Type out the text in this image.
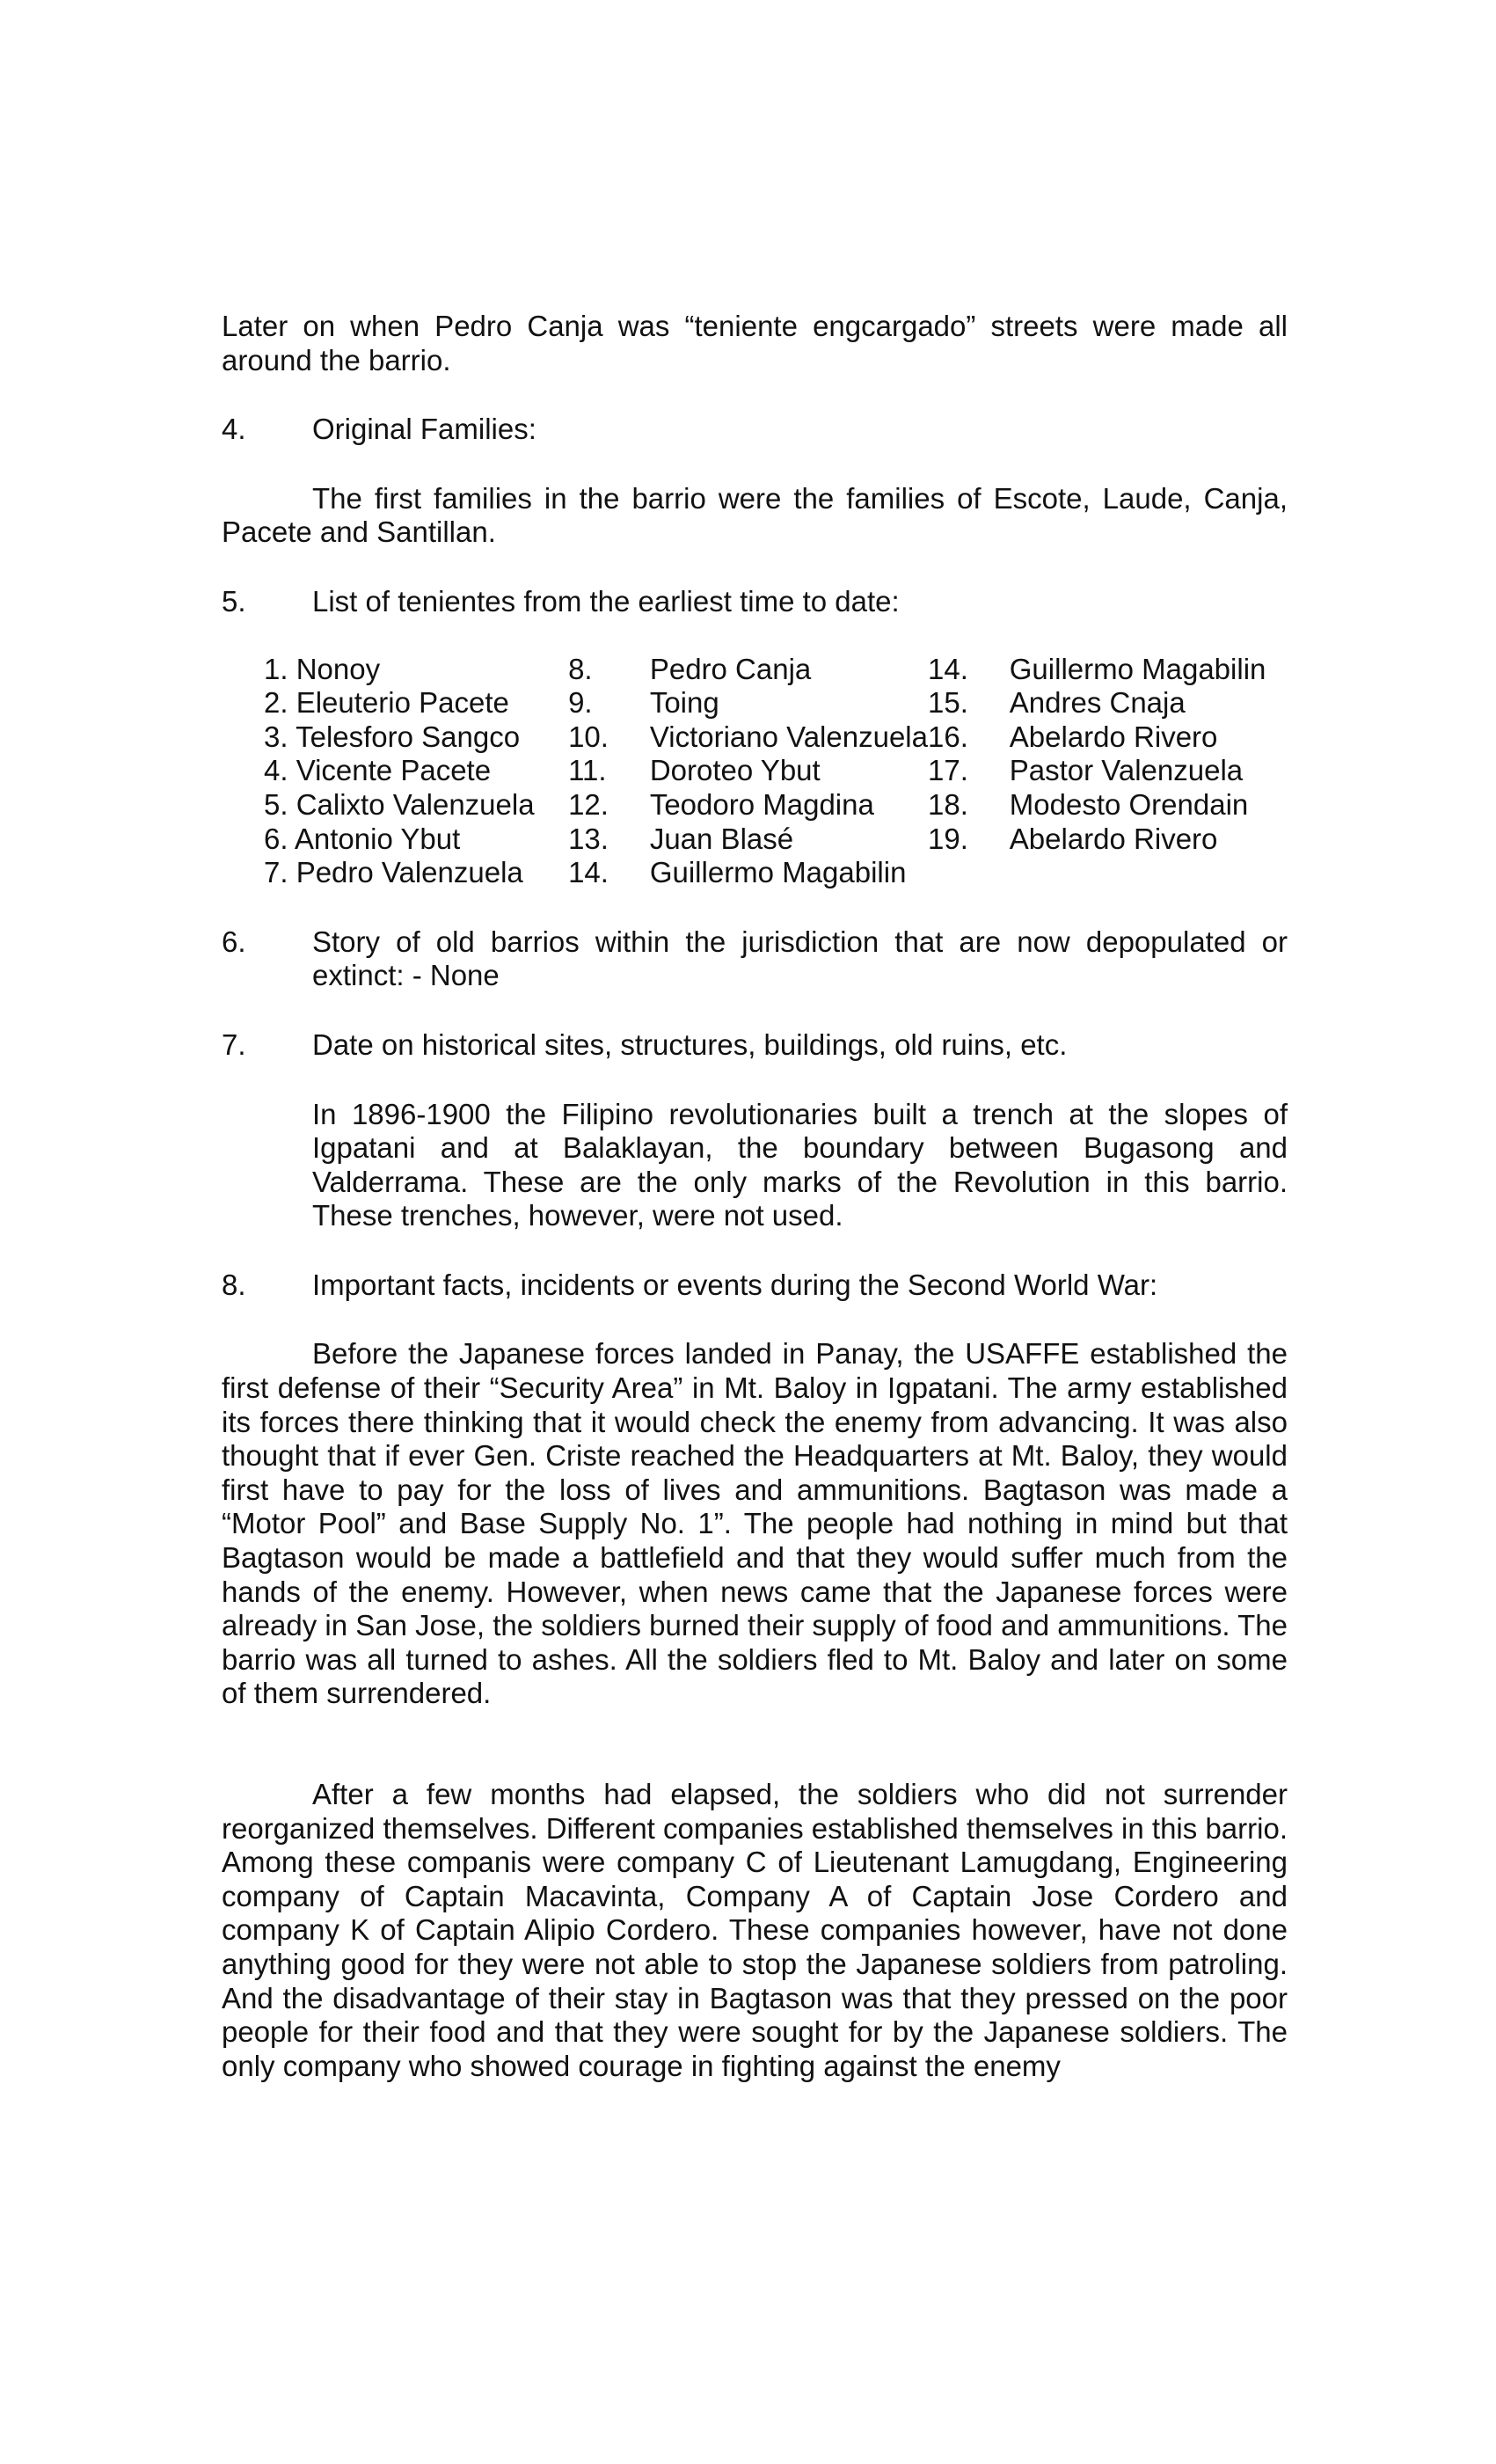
Later on when Pedro Canja was “teniente engcargado” streets were made all around the barrio.

4.	Original Families:

The first families in the barrio were the families of Escote, Laude, Canja, Pacete and Santillan.

5.	List of tenientes from the earliest time to date:
1. Nonoy	8.	Pedro Canja	14.	Guillermo Magabilin
2. Eleuterio Pacete	9.	Toing	15.	Andres Cnaja
3. Telesforo Sangco	10.	Victoriano Valenzuela	16.	Abelardo Rivero
4. Vicente Pacete	11.	Doroteo Ybut	17.	Pastor Valenzuela
5. Calixto Valenzuela	12.	Teodoro Magdina	18.	Modesto Orendain
6. Antonio Ybut	13.	Juan Blasé	19.	Abelardo Rivero
7. Pedro Valenzuela	14.	Guillermo Magabilin		
6.	Story of old barrios within the jurisdiction that are now depopulated or extinct: - None
7.	Date on historical sites, structures, buildings, old ruins, etc.

In 1896-1900 the Filipino revolutionaries built a trench at the slopes of Igpatani and at Balaklayan, the boundary between Bugasong and Valderrama. These are the only marks of the Revolution in this barrio. These trenches, however, were not used.

8.	Important facts, incidents or events during the Second World War:

Before the Japanese forces landed in Panay, the USAFFE established the first defense of their “Security Area” in Mt. Baloy in Igpatani. The army established its forces there thinking that it would check the enemy from advancing. It was also thought that if ever Gen. Criste reached the Headquarters at Mt. Baloy, they would first have to pay for the loss of lives and ammunitions. Bagtason was made a “Motor Pool” and Base Supply No. 1”. The people had nothing in mind but that Bagtason would be made a battlefield and that they would suffer much from the hands of the enemy. However, when news came that the Japanese forces were already in San Jose, the soldiers burned their supply of food and ammunitions. The barrio was all turned to ashes. All the soldiers fled to Mt. Baloy and later on some of them surrendered.

After a few months had elapsed, the soldiers who did not surrender reorganized themselves. Different companies established themselves in this barrio. Among these companis were company C of Lieutenant Lamugdang, Engineering company of Captain Macavinta, Company A of Captain Jose Cordero and company K of Captain Alipio Cordero. These companies however, have not done anything good for they were not able to stop the Japanese soldiers from patroling. And the disadvantage of their stay in Bagtason was that they pressed on the poor people for their food and that they were sought for by the Japanese soldiers. The only company who showed courage in fighting against the enemy
